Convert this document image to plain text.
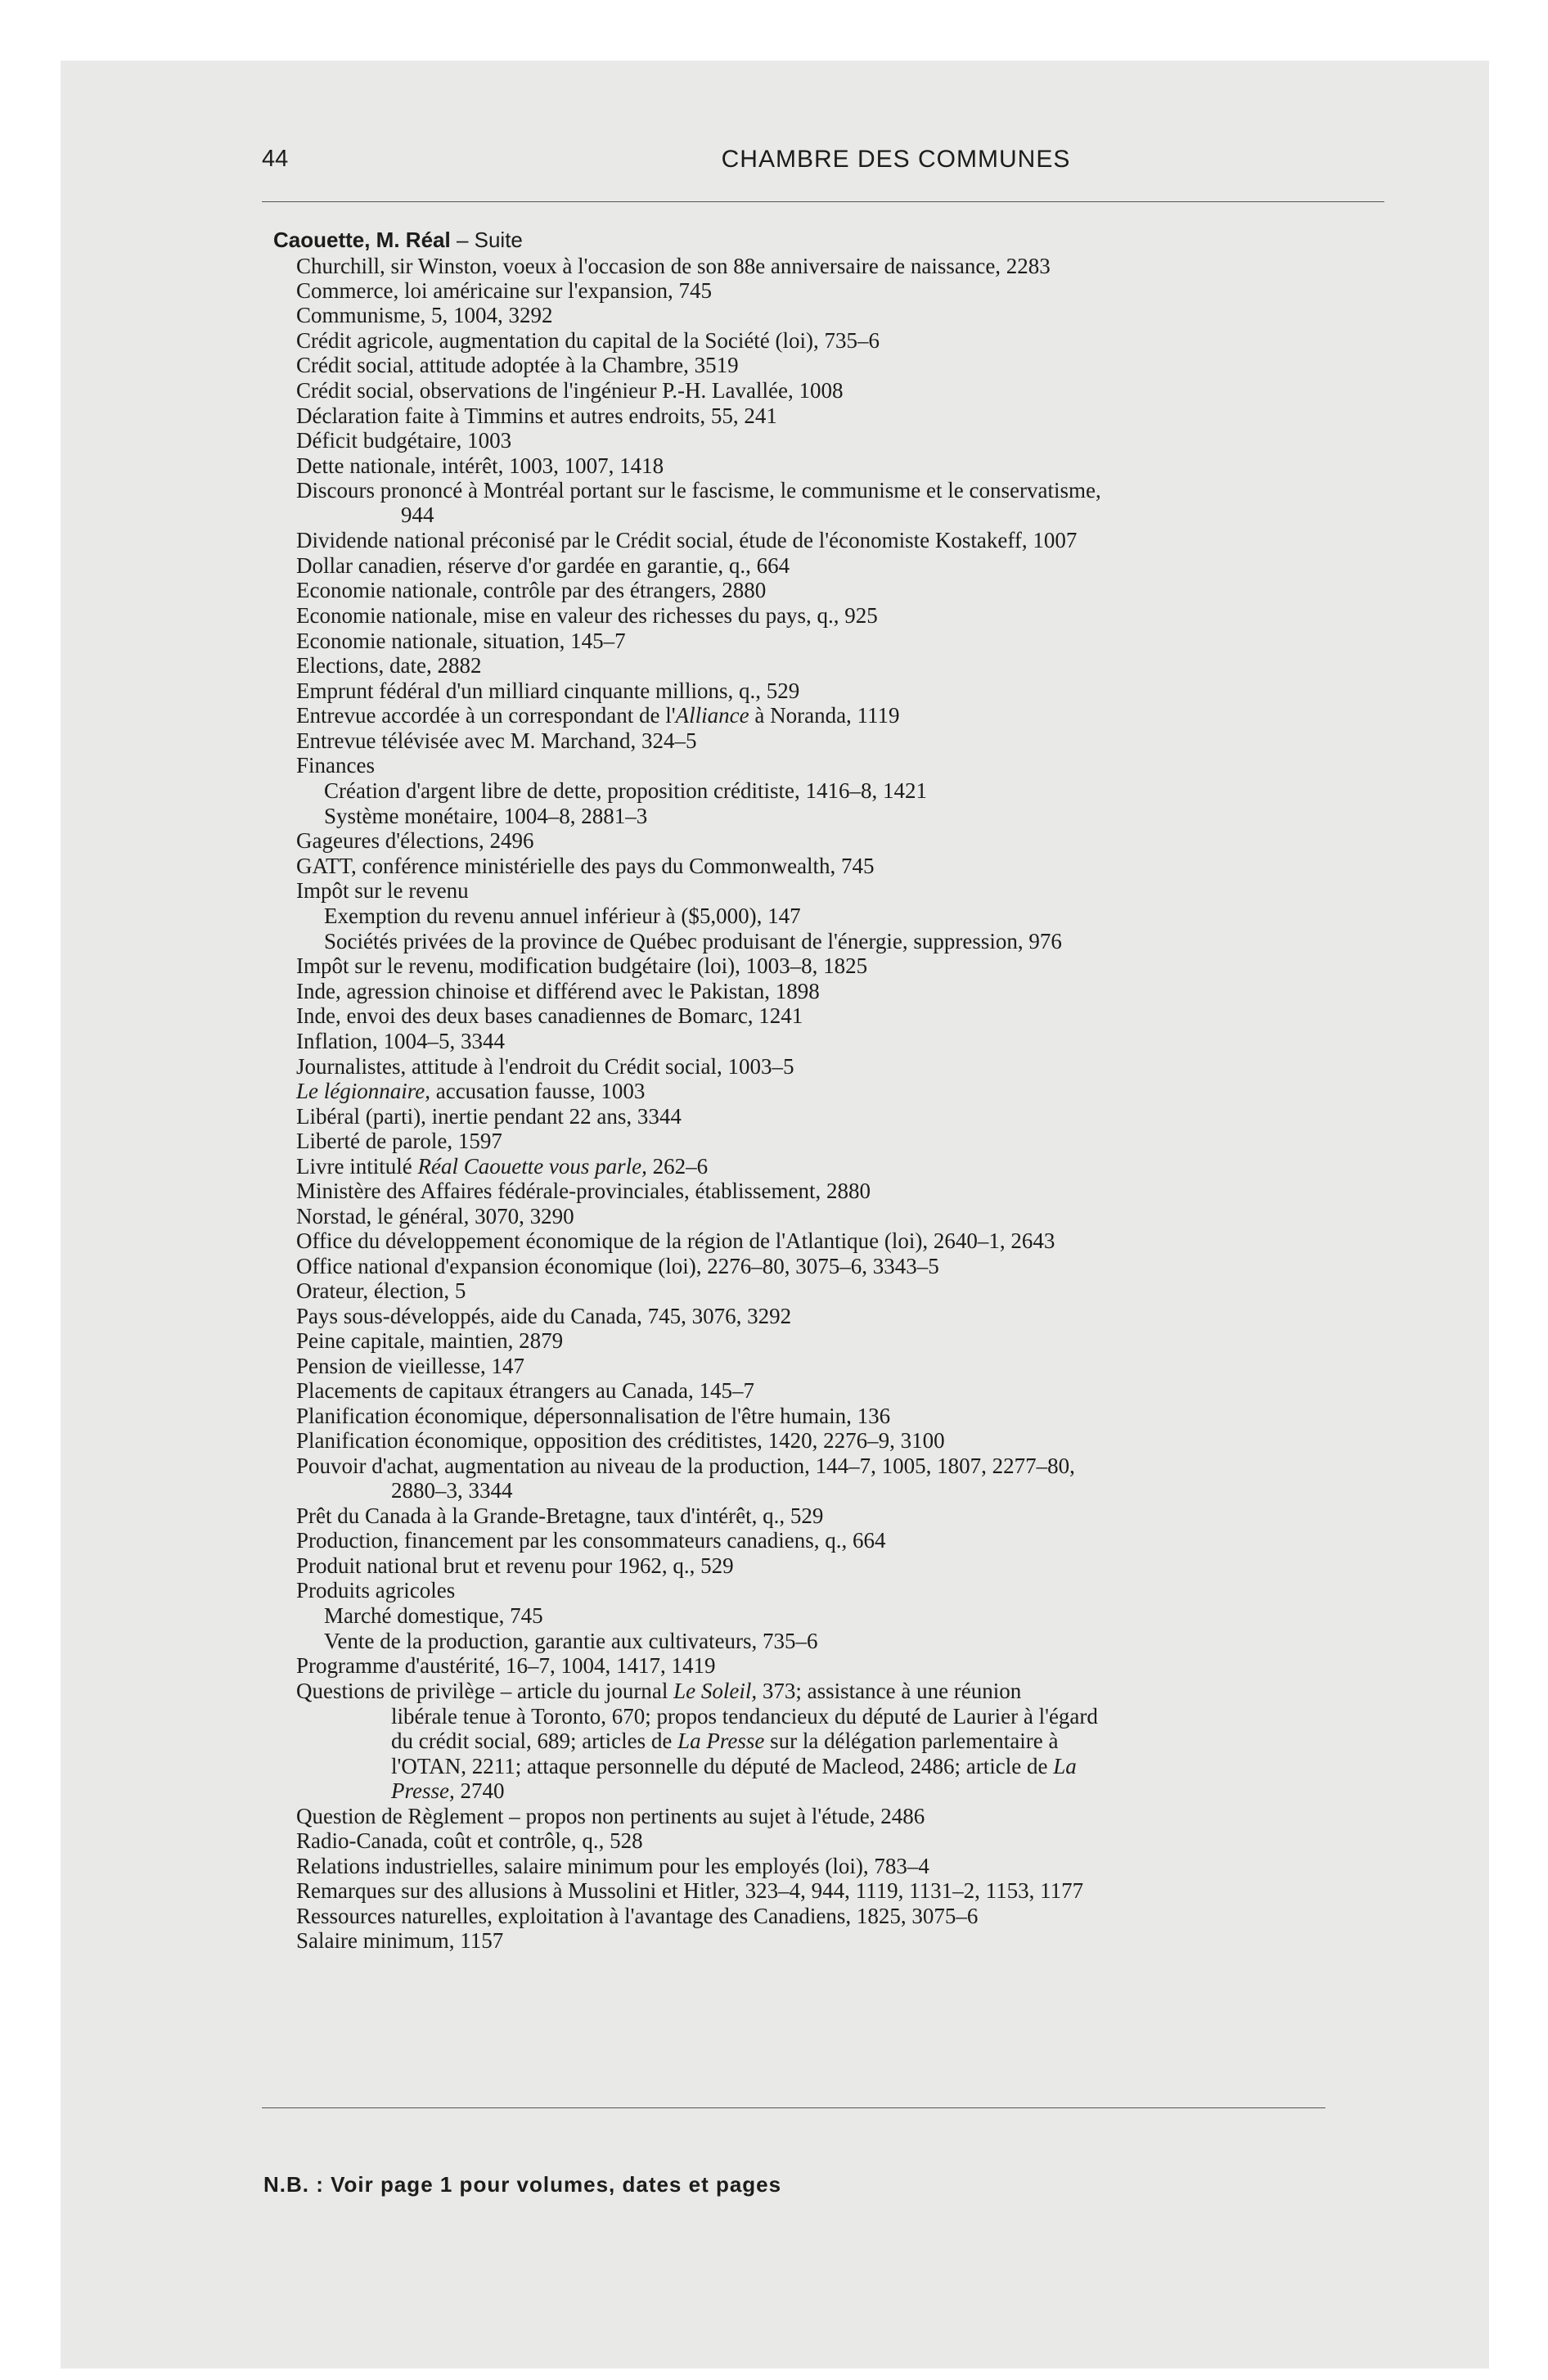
44	CHAMBRE DES COMMUNES
Caouette, M. Réal – Suite
Churchill, sir Winston, voeux à l'occasion de son 88e anniversaire de naissance, 2283
Commerce, loi américaine sur l'expansion, 745
Communisme, 5, 1004, 3292
Crédit agricole, augmentation du capital de la Société (loi), 735–6
Crédit social, attitude adoptée à la Chambre, 3519
Crédit social, observations de l'ingénieur P.-H. Lavallée, 1008
Déclaration faite à Timmins et autres endroits, 55, 241
Déficit budgétaire, 1003
Dette nationale, intérêt, 1003, 1007, 1418
Discours prononcé à Montréal portant sur le fascisme, le communisme et le conservatisme,
944
Dividende national préconisé par le Crédit social, étude de l'économiste Kostakeff, 1007
Dollar canadien, réserve d'or gardée en garantie, q., 664
Economie nationale, contrôle par des étrangers, 2880
Economie nationale, mise en valeur des richesses du pays, q., 925
Economie nationale, situation, 145–7
Elections, date, 2882
Emprunt fédéral d'un milliard cinquante millions, q., 529
Entrevue accordée à un correspondant de l'Alliance à Noranda, 1119
Entrevue télévisée avec M. Marchand, 324–5
Finances
Création d'argent libre de dette, proposition créditiste, 1416–8, 1421
Système monétaire, 1004–8, 2881–3
Gageures d'élections, 2496
GATT, conférence ministérielle des pays du Commonwealth, 745
Impôt sur le revenu
Exemption du revenu annuel inférieur à ($5,000), 147
Sociétés privées de la province de Québec produisant de l'énergie, suppression, 976
Impôt sur le revenu, modification budgétaire (loi), 1003–8, 1825
Inde, agression chinoise et différend avec le Pakistan, 1898
Inde, envoi des deux bases canadiennes de Bomarc, 1241
Inflation, 1004–5, 3344
Journalistes, attitude à l'endroit du Crédit social, 1003–5
Le légionnaire, accusation fausse, 1003
Libéral (parti), inertie pendant 22 ans, 3344
Liberté de parole, 1597
Livre intitulé Réal Caouette vous parle, 262–6
Ministère des Affaires fédérale-provinciales, établissement, 2880
Norstad, le général, 3070, 3290
Office du développement économique de la région de l'Atlantique (loi), 2640–1, 2643
Office national d'expansion économique (loi), 2276–80, 3075–6, 3343–5
Orateur, élection, 5
Pays sous-développés, aide du Canada, 745, 3076, 3292
Peine capitale, maintien, 2879
Pension de vieillesse, 147
Placements de capitaux étrangers au Canada, 145–7
Planification économique, dépersonnalisation de l'être humain, 136
Planification économique, opposition des créditistes, 1420, 2276–9, 3100
Pouvoir d'achat, augmentation au niveau de la production, 144–7, 1005, 1807, 2277–80,
2880–3, 3344
Prêt du Canada à la Grande-Bretagne, taux d'intérêt, q., 529
Production, financement par les consommateurs canadiens, q., 664
Produit national brut et revenu pour 1962, q., 529
Produits agricoles
Marché domestique, 745
Vente de la production, garantie aux cultivateurs, 735–6
Programme d'austérité, 16–7, 1004, 1417, 1419
Questions de privilège – article du journal Le Soleil, 373; assistance à une réunion
libérale tenue à Toronto, 670; propos tendancieux du député de Laurier à l'égard
du crédit social, 689; articles de La Presse sur la délégation parlementaire à
l'OTAN, 2211; attaque personnelle du député de Macleod, 2486; article de La
Presse, 2740
Question de Règlement – propos non pertinents au sujet à l'étude, 2486
Radio-Canada, coût et contrôle, q., 528
Relations industrielles, salaire minimum pour les employés (loi), 783–4
Remarques sur des allusions à Mussolini et Hitler, 323–4, 944, 1119, 1131–2, 1153, 1177
Ressources naturelles, exploitation à l'avantage des Canadiens, 1825, 3075–6
Salaire minimum, 1157
N.B. : Voir page 1 pour volumes, dates et pages
